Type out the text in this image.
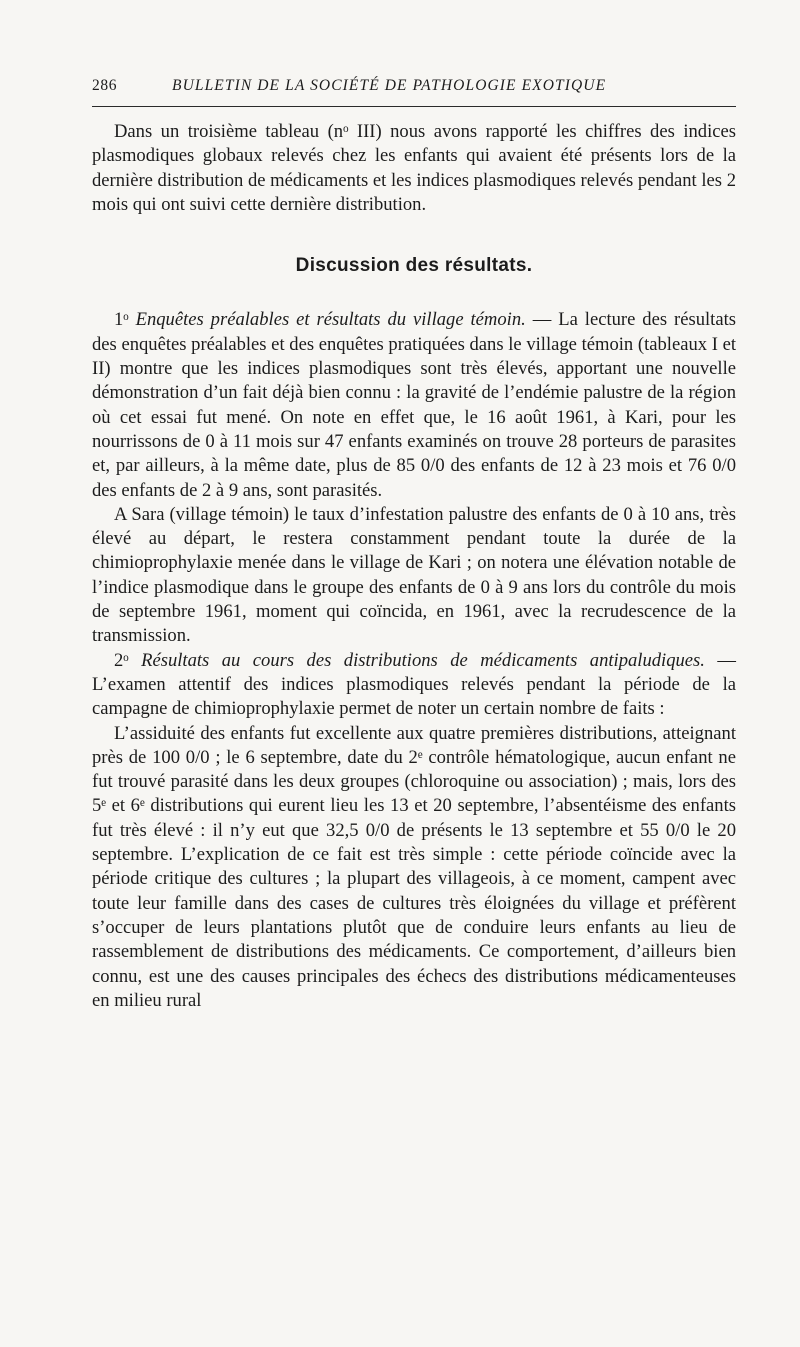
286	BULLETIN DE LA SOCIÉTÉ DE PATHOLOGIE EXOTIQUE

Dans un troisième tableau (nᵒ III) nous avons rapporté les chiffres des indices plasmodiques globaux relevés chez les enfants qui avaient été présents lors de la dernière distribution de médicaments et les indices plasmodiques relevés pendant les 2 mois qui ont suivi cette dernière distribution.

Discussion des résultats.

1ᵒ Enquêtes préalables et résultats du village témoin. — La lecture des résultats des enquêtes préalables et des enquêtes pratiquées dans le village témoin (tableaux I et II) montre que les indices plasmodiques sont très élevés, apportant une nouvelle démonstration d’un fait déjà bien connu : la gravité de l’endémie palustre de la région où cet essai fut mené. On note en effet que, le 16 août 1961, à Kari, pour les nourrissons de 0 à 11 mois sur 47 enfants examinés on trouve 28 porteurs de parasites et, par ailleurs, à la même date, plus de 85 0/0 des enfants de 12 à 23 mois et 76 0/0 des enfants de 2 à 9 ans, sont parasités.

A Sara (village témoin) le taux d’infestation palustre des enfants de 0 à 10 ans, très élevé au départ, le restera constamment pendant toute la durée de la chimioprophylaxie menée dans le village de Kari ; on notera une élévation notable de l’indice plasmodique dans le groupe des enfants de 0 à 9 ans lors du contrôle du mois de septembre 1961, moment qui coïncida, en 1961, avec la recrudescence de la transmission.

2ᵒ Résultats au cours des distributions de médicaments antipaludiques. — L’examen attentif des indices plasmodiques relevés pendant la période de la campagne de chimioprophylaxie permet de noter un certain nombre de faits :

L’assiduité des enfants fut excellente aux quatre premières distributions, atteignant près de 100 0/0 ; le 6 septembre, date du 2ᵉ contrôle hématologique, aucun enfant ne fut trouvé parasité dans les deux groupes (chloroquine ou association) ; mais, lors des 5ᵉ et 6ᵉ distributions qui eurent lieu les 13 et 20 septembre, l’absentéisme des enfants fut très élevé : il n’y eut que 32,5 0/0 de présents le 13 septembre et 55 0/0 le 20 septembre. L’explication de ce fait est très simple : cette période coïncide avec la période critique des cultures ; la plupart des villageois, à ce moment, campent avec toute leur famille dans des cases de cultures très éloignées du village et préfèrent s’occuper de leurs plantations plutôt que de conduire leurs enfants au lieu de rassemblement de distributions des médicaments. Ce comportement, d’ailleurs bien connu, est une des causes principales des échecs des distributions médicamenteuses en milieu rural
